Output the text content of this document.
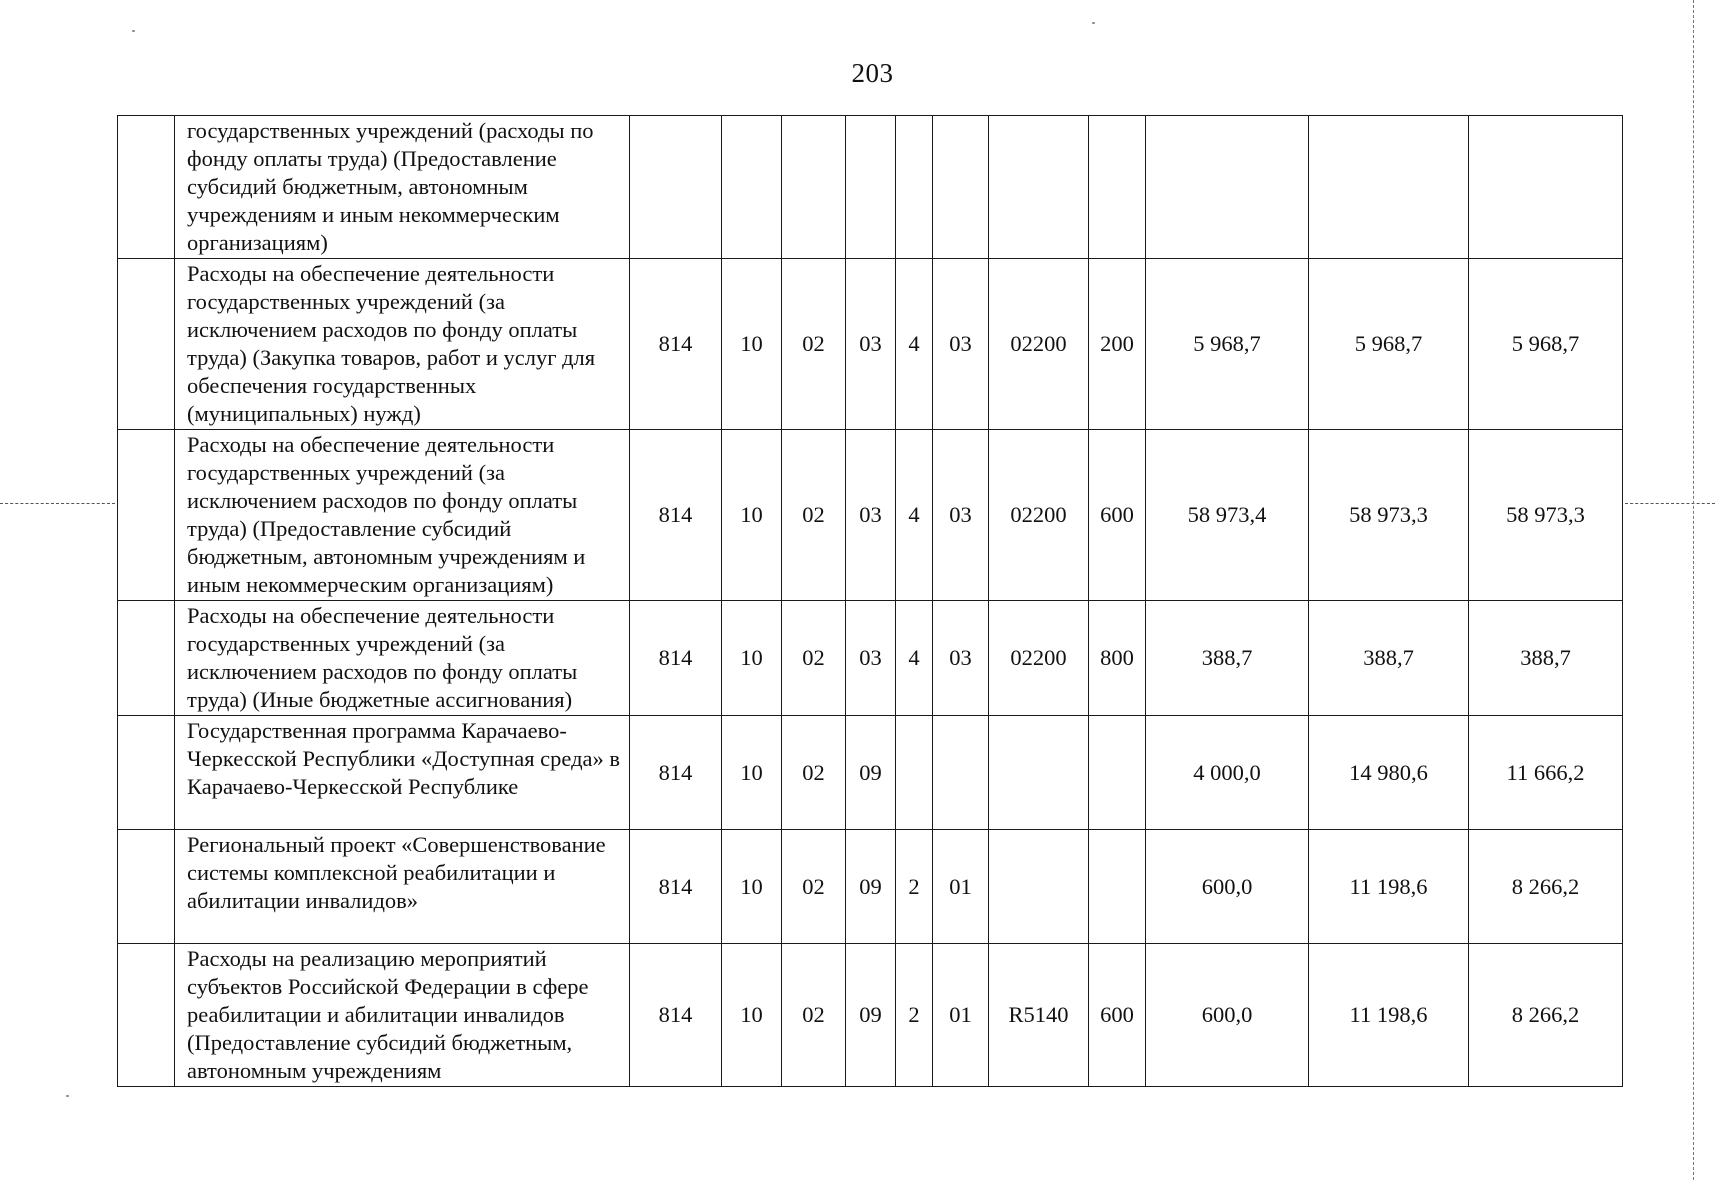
203
	государственных учреждений (расходы по фонду оплаты труда) (Предоставление субсидий бюджетным, автономным учреждениям и иным некоммерческим организациям)											
	Расходы на обеспечение деятельности государственных учреждений (за исключением расходов по фонду оплаты труда) (Закупка товаров, работ и услуг для обеспечения государственных (муниципальных) нужд)	814	10	02	03	4	03	02200	200	5 968,7	5 968,7	5 968,7
	Расходы на обеспечение деятельности государственных учреждений (за исключением расходов по фонду оплаты труда) (Предоставление субсидий бюджетным, автономным учреждениям и иным некоммерческим организациям)	814	10	02	03	4	03	02200	600	58 973,4	58 973,3	58 973,3
	Расходы на обеспечение деятельности государственных учреждений (за исключением расходов по фонду оплаты труда) (Иные бюджетные ассигнования)	814	10	02	03	4	03	02200	800	388,7	388,7	388,7
	Государственная программа Карачаево-Черкесской Республики «Доступная среда» в Карачаево-Черкесской Республике	814	10	02	09					4 000,0	14 980,6	11 666,2
	Региональный проект «Совершенствование системы комплексной реабилитации и абилитации инвалидов»	814	10	02	09	2	01			600,0	11 198,6	8 266,2
	Расходы на реализацию мероприятий субъектов Российской Федерации в сфере реабилитации и абилитации инвалидов (Предоставление субсидий бюджетным, автономным учреждениям	814	10	02	09	2	01	R5140	600	600,0	11 198,6	8 266,2
